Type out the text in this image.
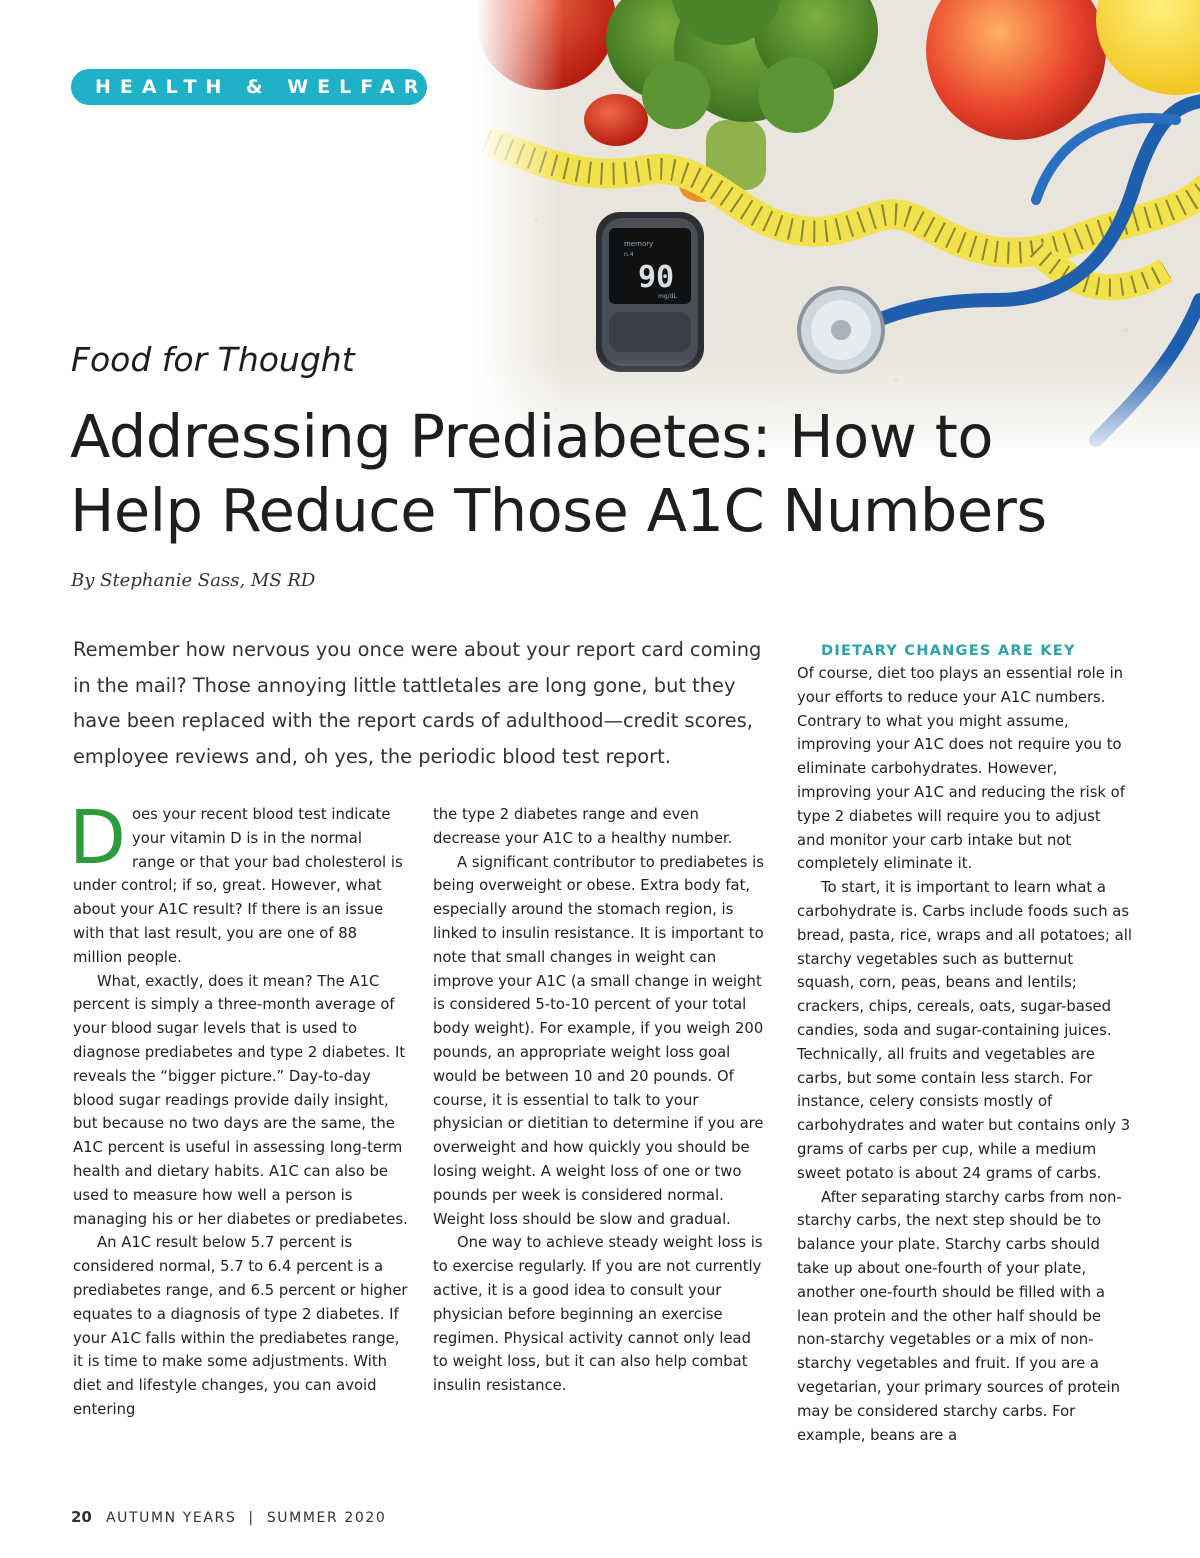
HEALTH & WELFARE
Food for Thought
Addressing Prediabetes: How to Help Reduce Those A1C Numbers
By Stephanie Sass, MS RD

Remember how nervous you once were about your report card coming in the mail? Those annoying little tattletales are long gone, but they have been replaced with the report cards of adulthood—credit scores, employee reviews and, oh yes, the periodic blood test report.

Does your recent blood test indicate your vitamin D is in the normal range or that your bad cholesterol is under control; if so, great. However, what about your A1C result? If there is an issue with that last result, you are one of 88 million people.

What, exactly, does it mean? The A1C percent is simply a three-month average of your blood sugar levels that is used to diagnose prediabetes and type 2 diabetes. It reveals the “bigger picture.” Day-to-day blood sugar readings provide daily insight, but because no two days are the same, the A1C percent is useful in assessing long-term health and dietary habits. A1C can also be used to measure how well a person is managing his or her diabetes or prediabetes.

An A1C result below 5.7 percent is considered normal, 5.7 to 6.4 percent is a prediabetes range, and 6.5 percent or higher equates to a diagnosis of type 2 diabetes. If your A1C falls within the prediabetes range, it is time to make some adjustments. With diet and lifestyle changes, you can avoid entering

the type 2 diabetes range and even decrease your A1C to a healthy number.

A significant contributor to prediabetes is being overweight or obese. Extra body fat, especially around the stomach region, is linked to insulin resistance. It is important to note that small changes in weight can improve your A1C (a small change in weight is considered 5-to-10 percent of your total body weight). For example, if you weigh 200 pounds, an appropriate weight loss goal would be between 10 and 20 pounds. Of course, it is essential to talk to your physician or dietitian to determine if you are overweight and how quickly you should be losing weight. A weight loss of one or two pounds per week is considered normal. Weight loss should be slow and gradual.

One way to achieve steady weight loss is to exercise regularly. If you are not currently active, it is a good idea to consult your physician before beginning an exercise regimen. Physical activity cannot only lead to weight loss, but it can also help combat insulin resistance.

DIETARY CHANGES ARE KEY

Of course, diet too plays an essential role in your efforts to reduce your A1C numbers. Contrary to what you might assume, improving your A1C does not require you to eliminate carbohydrates. However, improving your A1C and reducing the risk of type 2 diabetes will require you to adjust and monitor your carb intake but not completely eliminate it.

To start, it is important to learn what a carbohydrate is. Carbs include foods such as bread, pasta, rice, wraps and all potatoes; all starchy vegetables such as butternut squash, corn, peas, beans and lentils; crackers, chips, cereals, oats, sugar-based candies, soda and sugar-containing juices. Technically, all fruits and vegetables are carbs, but some contain less starch. For instance, celery consists mostly of carbohydrates and water but contains only 3 grams of carbs per cup, while a medium sweet potato is about 24 grams of carbs.

After separating starchy carbs from non-starchy carbs, the next step should be to balance your plate. Starchy carbs should take up about one-fourth of your plate, another one-fourth should be filled with a lean protein and the other half should be non-starchy vegetables or a mix of non-starchy vegetables and fruit. If you are a vegetarian, your primary sources of protein may be considered starchy carbs. For example, beans are a

20 AUTUMN YEARS | SUMMER 2020
